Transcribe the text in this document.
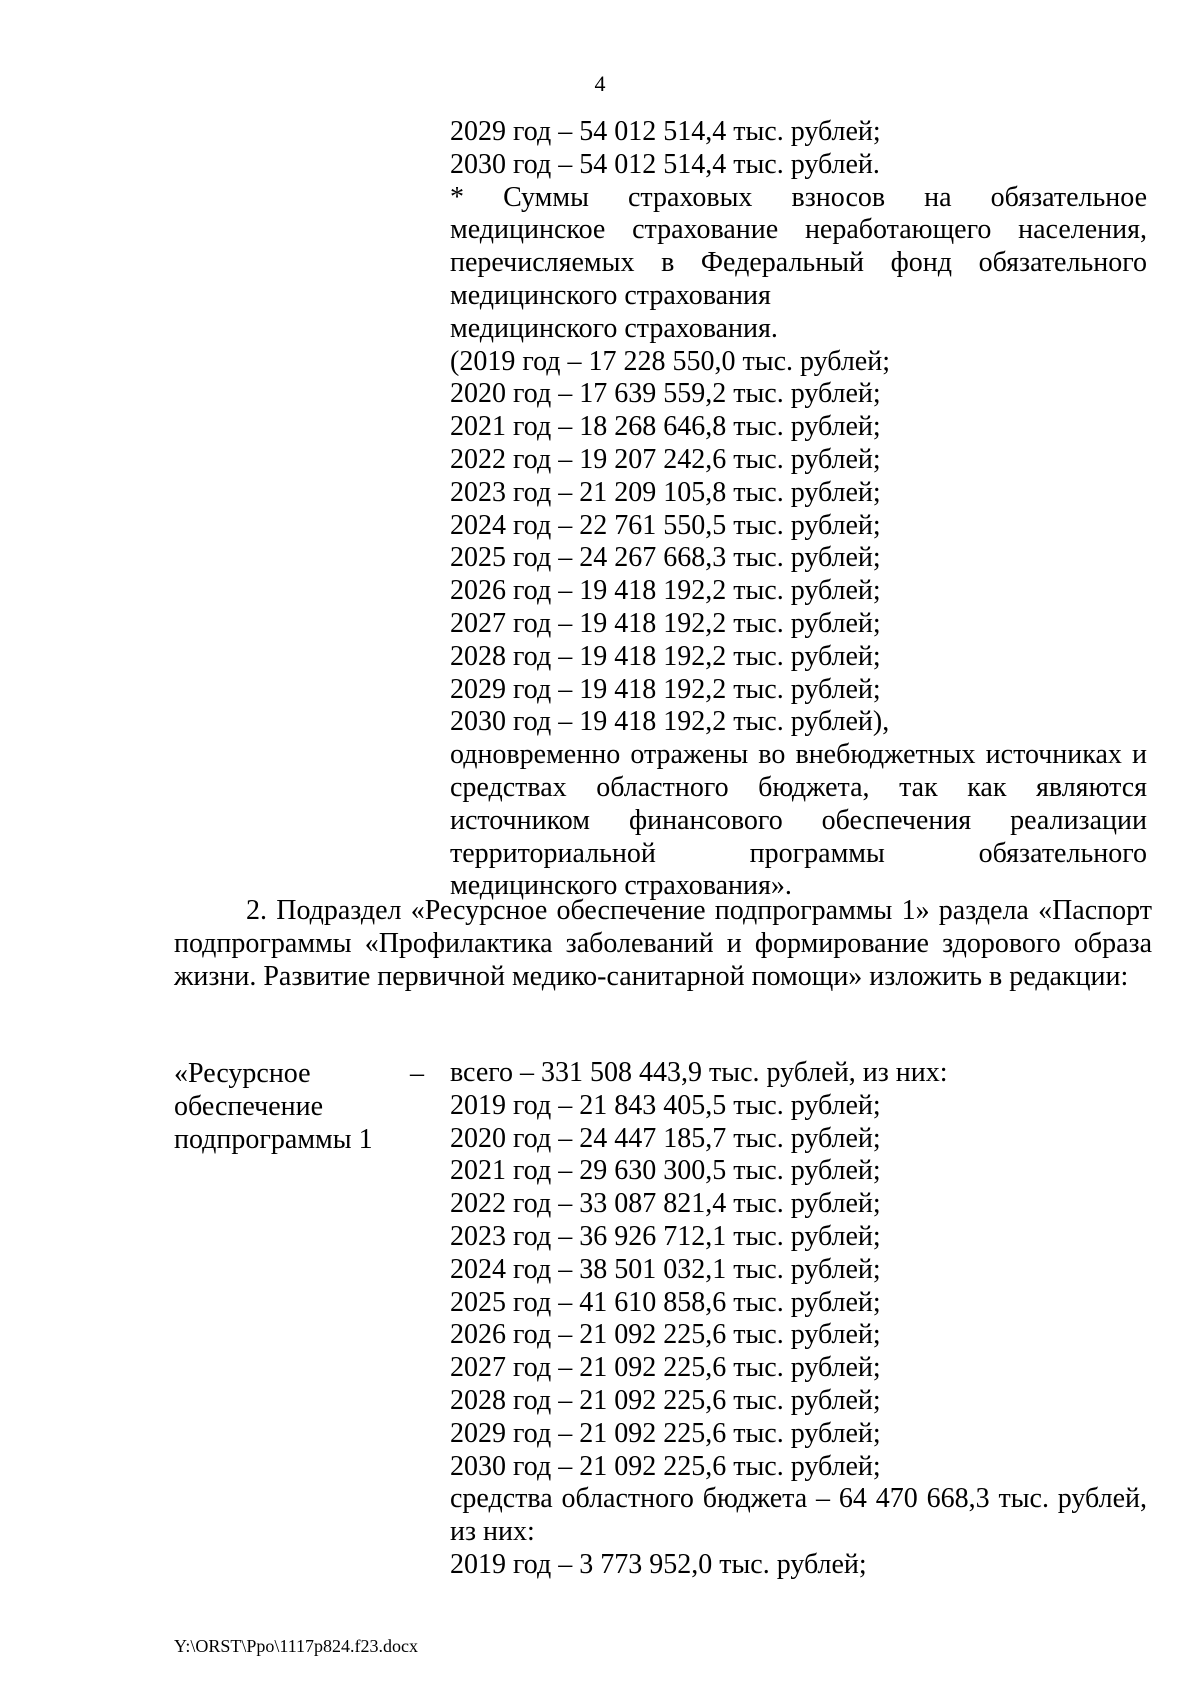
4
2029 год – 54 012 514,4 тыс. рублей;
2030 год – 54 012 514,4 тыс. рублей.
* Суммы страховых взносов на обязательное медицинское страхование неработающего населения, перечисляемых в Федеральный фонд обязательного медицинского страхования
медицинского страхования.
(2019 год – 17 228 550,0 тыс. рублей;
2020 год – 17 639 559,2 тыс. рублей;
2021 год – 18 268 646,8 тыс. рублей;
2022 год – 19 207 242,6 тыс. рублей;
2023 год – 21 209 105,8 тыс. рублей;
2024 год – 22 761 550,5 тыс. рублей;
2025 год – 24 267 668,3 тыс. рублей;
2026 год – 19 418 192,2 тыс. рублей;
2027 год – 19 418 192,2 тыс. рублей;
2028 год – 19 418 192,2 тыс. рублей;
2029 год – 19 418 192,2 тыс. рублей;
2030 год – 19 418 192,2 тыс. рублей),
одновременно отражены во внебюджетных источниках и средствах областного бюджета, так как являются источником финансового обеспечения реализации территориальной программы обязательного медицинского страхования».
2. Подраздел «Ресурсное обеспечение подпрограммы 1» раздела «Паспорт подпрограммы «Профилактика заболеваний и формирование здорового образа жизни. Развитие первичной медико-санитарной помощи» изложить в редакции:
«Ресурсное
обеспечение
подпрограммы 1
– всего – 331 508 443,9 тыс. рублей, из них:
2019 год – 21 843 405,5 тыс. рублей;
2020 год – 24 447 185,7 тыс. рублей;
2021 год – 29 630 300,5 тыс. рублей;
2022 год – 33 087 821,4 тыс. рублей;
2023 год – 36 926 712,1 тыс. рублей;
2024 год – 38 501 032,1 тыс. рублей;
2025 год – 41 610 858,6 тыс. рублей;
2026 год – 21 092 225,6 тыс. рублей;
2027 год – 21 092 225,6 тыс. рублей;
2028 год – 21 092 225,6 тыс. рублей;
2029 год – 21 092 225,6 тыс. рублей;
2030 год – 21 092 225,6 тыс. рублей;
средства областного бюджета – 64 470 668,3 тыс. рублей, из них:
2019 год – 3 773 952,0 тыс. рублей;
Y:\ORST\Рро\1117р824.f23.docx
